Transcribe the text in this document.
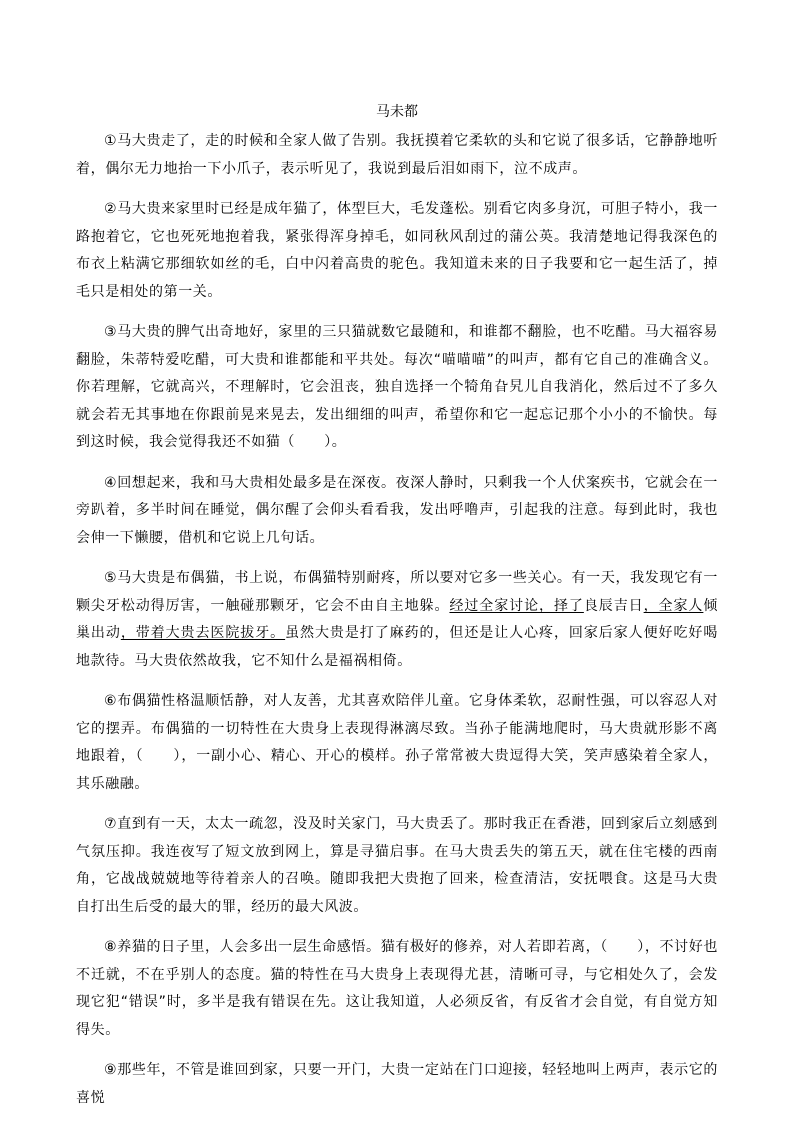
马未都

①马大贵走了，走的时候和全家人做了告别。我抚摸着它柔软的头和它说了很多话，它静静地听着，偶尔无力地抬一下小爪子，表示听见了，我说到最后泪如雨下，泣不成声。

②马大贵来家里时已经是成年猫了，体型巨大，毛发蓬松。别看它肉多身沉，可胆子特小，我一路抱着它，它也死死地抱着我，紧张得浑身掉毛，如同秋风刮过的蒲公英。我清楚地记得我深色的布衣上粘满它那细软如丝的毛，白中闪着高贵的驼色。我知道未来的日子我要和它一起生活了，掉毛只是相处的第一关。

③马大贵的脾气出奇地好，家里的三只猫就数它最随和，和谁都不翻脸，也不吃醋。马大福容易翻脸，朱蒂特爱吃醋，可大贵和谁都能和平共处。每次“喵喵喵”的叫声，都有它自己的准确含义。你若理解，它就高兴，不理解时，它会沮丧，独自选择一个犄角旮旯儿自我消化，然后过不了多久就会若无其事地在你跟前晃来晃去，发出细细的叫声，希望你和它一起忘记那个小小的不愉快。每到这时候，我会觉得我还不如猫（　　）。

④回想起来，我和马大贵相处最多是在深夜。夜深人静时，只剩我一个人伏案疾书，它就会在一旁趴着，多半时间在睡觉，偶尔醒了会仰头看看我，发出呼噜声，引起我的注意。每到此时，我也会伸一下懒腰，借机和它说上几句话。

⑤马大贵是布偶猫，书上说，布偶猫特别耐疼，所以要对它多一些关心。有一天，我发现它有一颗尖牙松动得厉害，一触碰那颗牙，它会不由自主地躲。经过全家讨论，择了良辰吉日，全家人倾巢出动，带着大贵去医院拔牙。虽然大贵是打了麻药的，但还是让人心疼，回家后家人便好吃好喝地款待。马大贵依然故我，它不知什么是福祸相倚。

⑥布偶猫性格温顺恬静，对人友善，尤其喜欢陪伴儿童。它身体柔软，忍耐性强，可以容忍人对它的摆弄。布偶猫的一切特性在大贵身上表现得淋漓尽致。当孙子能满地爬时，马大贵就形影不离地跟着，（　　），一副小心、精心、开心的模样。孙子常常被大贵逗得大笑，笑声感染着全家人，其乐融融。

⑦直到有一天，太太一疏忽，没及时关家门，马大贵丢了。那时我正在香港，回到家后立刻感到气氛压抑。我连夜写了短文放到网上，算是寻猫启事。在马大贵丢失的第五天，就在住宅楼的西南角，它战战兢兢地等待着亲人的召唤。随即我把大贵抱了回来，检查清洁，安抚喂食。这是马大贵自打出生后受的最大的罪，经历的最大风波。

⑧养猫的日子里，人会多出一层生命感悟。猫有极好的修养，对人若即若离，（　　），不讨好也不迁就，不在乎别人的态度。猫的特性在马大贵身上表现得尤甚，清晰可寻，与它相处久了，会发现它犯“错误”时，多半是我有错误在先。这让我知道，人必须反省，有反省才会自觉，有自觉方知得失。

⑨那些年，不管是谁回到家，只要一开门，大贵一定站在门口迎接，轻轻地叫上两声，表示它的喜悦
